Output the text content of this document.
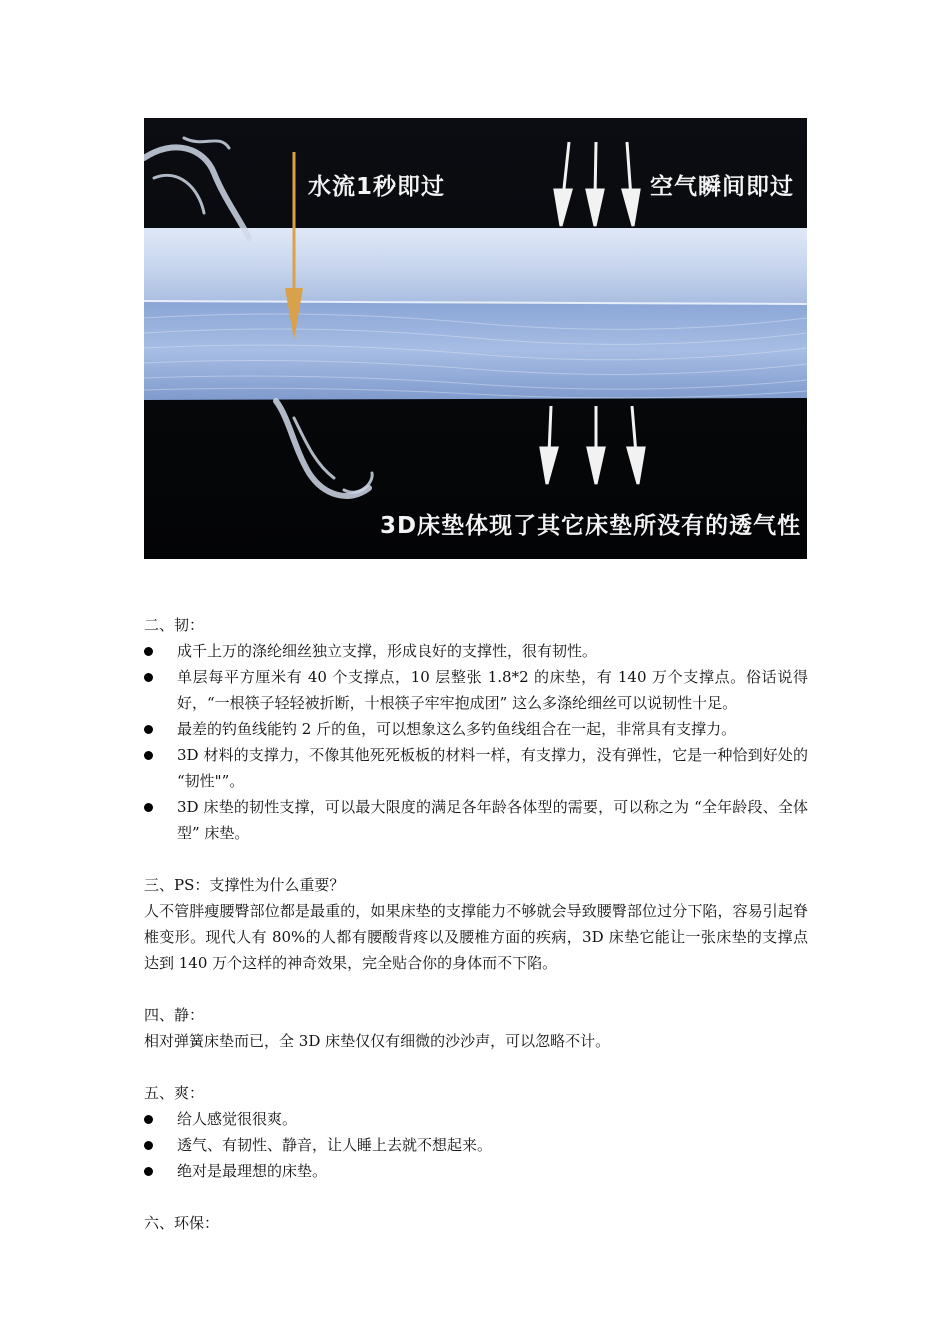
水流1秒即过	空气瞬间即过
3D床垫体现了其它床垫所没有的透气性

二、韧：

成千上万的涤纶细丝独立支撑，形成良好的支撑性，很有韧性。
单层每平方厘米有 40 个支撑点，10 层整张 1.8*2 的床垫，有 140 万个支撑点。俗话说得好，“一根筷子轻轻被折断，十根筷子牢牢抱成团” 这么多涤纶细丝可以说韧性十足。
最差的钓鱼线能钓 2 斤的鱼，可以想象这么多钓鱼线组合在一起，非常具有支撑力。
3D 材料的支撑力，不像其他死死板板的材料一样，有支撑力，没有弹性，它是一种恰到好处的 “韧性"”。
3D 床垫的韧性支撑，可以最大限度的满足各年龄各体型的需要，可以称之为 “全年龄段、全体型” 床垫。

三、PS：支撑性为什么重要？

人不管胖瘦腰臀部位都是最重的，如果床垫的支撑能力不够就会导致腰臀部位过分下陷，容易引起脊椎变形。现代人有 80%的人都有腰酸背疼以及腰椎方面的疾病，3D 床垫它能让一张床垫的支撑点达到 140 万个这样的神奇效果，完全贴合你的身体而不下陷。

四、静：

相对弹簧床垫而已，全 3D 床垫仅仅有细微的沙沙声，可以忽略不计。

五、爽：

给人感觉很很爽。
透气、有韧性、静音，让人睡上去就不想起来。
绝对是最理想的床垫。

六、环保：
